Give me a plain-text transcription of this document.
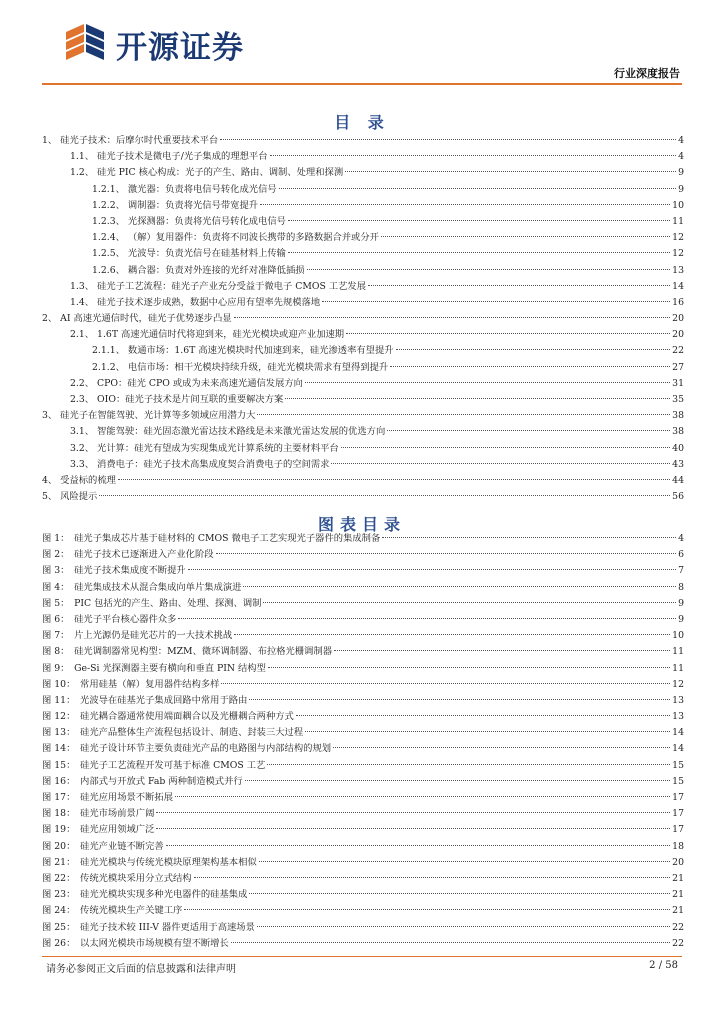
开源证券
行业深度报告
目 录
1、 硅光子技术：后摩尔时代重要技术平台	4
1.1、 硅光子技术是微电子/光子集成的理想平台	4
1.2、 硅光 PIC 核心构成：光子的产生、路由、调制、处理和探测	9
1.2.1、 激光器：负责将电信号转化成光信号	9
1.2.2、 调制器：负责将光信号带宽提升	10
1.2.3、 光探测器：负责将光信号转化成电信号	11
1.2.4、 （解）复用器件：负责将不同波长携带的多路数据合并或分开	12
1.2.5、 光波导：负责光信号在硅基材料上传输	12
1.2.6、 耦合器：负责对外连接的光纤对准降低插损	13
1.3、 硅光子工艺流程：硅光子产业充分受益于微电子 CMOS 工艺发展	14
1.4、 硅光子技术逐步成熟，数据中心应用有望率先规模落地	16
2、 AI 高速光通信时代，硅光子优势逐步凸显	20
2.1、 1.6T 高速光通信时代将迎到来，硅光光模块或迎产业加速期	20
2.1.1、 数通市场：1.6T 高速光模块时代加速到来，硅光渗透率有望提升	22
2.1.2、 电信市场：相干光模块持续升级，硅光光模块需求有望得到提升	27
2.2、 CPO：硅光 CPO 或成为未来高速光通信发展方向	31
2.3、 OIO：硅光子技术是片间互联的重要解决方案	35
3、 硅光子在智能驾驶、光计算等多领域应用潜力大	38
3.1、 智能驾驶：硅光固态激光雷达技术路线是未来激光雷达发展的优选方向	38
3.2、 光计算：硅光有望成为实现集成光计算系统的主要材料平台	40
3.3、 消费电子：硅光子技术高集成度契合消费电子的空间需求	43
4、 受益标的梳理	44
5、 风险提示	56
图表目录
图 1：　硅光子集成芯片基于硅材料的 CMOS 微电子工艺实现光子器件的集成制备	4
图 2：　硅光子技术已逐渐进入产业化阶段	6
图 3：　硅光子技术集成度不断提升	7
图 4：　硅光集成技术从混合集成向单片集成演进	8
图 5：　PIC 包括光的产生、路由、处理、探测、调制	9
图 6：　硅光子平台核心器件众多	9
图 7：　片上光源仍是硅光芯片的一大技术挑战	10
图 8：　硅光调制器常见构型：MZM、微环调制器、布拉格光栅调制器	11
图 9：　Ge-Si 光探测器主要有横向和垂直 PIN 结构型	11
图 10：　常用硅基（解）复用器件结构多样	12
图 11：　光波导在硅基光子集成回路中常用于路由	13
图 12：　硅光耦合器通常使用端面耦合以及光栅耦合两种方式	13
图 13：　硅光产品整体生产流程包括设计、制造、封装三大过程	14
图 14：　硅光子设计环节主要负责硅光产品的电路图与内部结构的规划	14
图 15：　硅光子工艺流程开发可基于标准 CMOS 工艺	15
图 16：　内部式与开放式 Fab 两种制造模式并行	15
图 17：　硅光应用场景不断拓展	17
图 18：　硅光市场前景广阔	17
图 19：　硅光应用领域广泛	17
图 20：　硅光产业链不断完善	18
图 21：　硅光光模块与传统光模块原理架构基本相似	20
图 22：　传统光模块采用分立式结构	21
图 23：　硅光光模块实现多种光电器件的硅基集成	21
图 24：　传统光模块生产关键工序	21
图 25：　硅光子技术较 III-V 器件更适用于高速场景	22
图 26：　以太网光模块市场规模有望不断增长	22
请务必参阅正文后面的信息披露和法律声明	2 / 58
